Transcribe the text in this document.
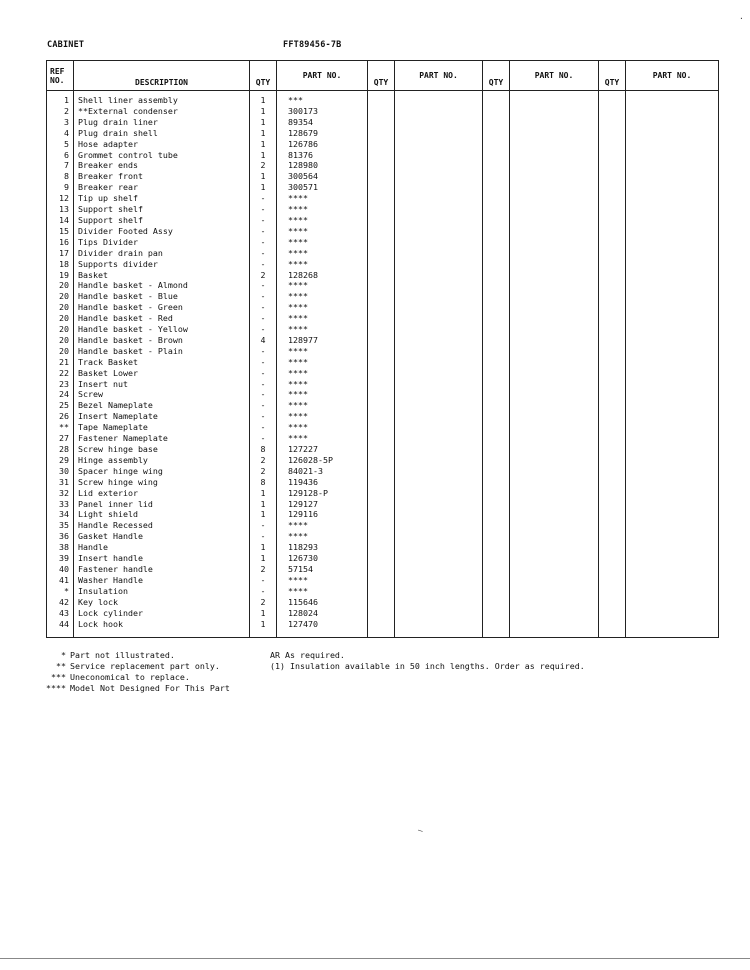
CABINET	FFT89456-7B
REF NO.	DESCRIPTION	QTY	PART NO.	QTY	PART NO.	QTY	PART NO.	QTY	PART NO.
1	Shell liner assembly	1	***						
2	**External condenser	1	300173						
3	Plug drain liner	1	89354						
4	Plug drain shell	1	128679						
5	Hose adapter	1	126786						
6	Grommet control tube	1	81376						
7	Breaker ends	2	128980						
8	Breaker front	1	300564						
9	Breaker rear	1	300571						
12	Tip up shelf	-	****						
13	Support shelf	-	****						
14	Support shelf	-	****						
15	Divider Footed Assy	-	****						
16	Tips Divider	-	****						
17	Divider drain pan	-	****						
18	Supports divider	-	****						
19	Basket	2	128268						
20	Handle basket - Almond	-	****						
20	Handle basket - Blue	-	****						
20	Handle basket - Green	-	****						
20	Handle basket - Red	-	****						
20	Handle basket - Yellow	-	****						
20	Handle basket - Brown	4	128977						
20	Handle basket - Plain	-	****						
21	Track Basket	-	****						
22	Basket Lower	-	****						
23	Insert nut	-	****						
24	Screw	-	****						
25	Bezel Nameplate	-	****						
26	Insert Nameplate	-	****						
**	Tape Nameplate	-	****						
27	Fastener Nameplate	-	****						
28	Screw hinge base	8	127227						
29	Hinge assembly	2	126028-5P						
30	Spacer hinge wing	2	84021-3						
31	Screw hinge wing	8	119436						
32	Lid exterior	1	129128-P						
33	Panel inner lid	1	129127						
34	Light shield	1	129116						
35	Handle Recessed	-	****						
36	Gasket Handle	-	****						
38	Handle	1	118293						
39	Insert handle	1	126730						
40	Fastener handle	2	57154						
41	Washer Handle	-	****						
*	Insulation	-	****						
42	Key lock	2	115646						
43	Lock cylinder	1	128024						
44	Lock hook	1	127470						

* Part not illustrated.
** Service replacement part only.
*** Uneconomical to replace.
**** Model Not Designed For This Part
AR As required.
(1) Insulation available in 50 inch lengths. Order as required.
·
–
